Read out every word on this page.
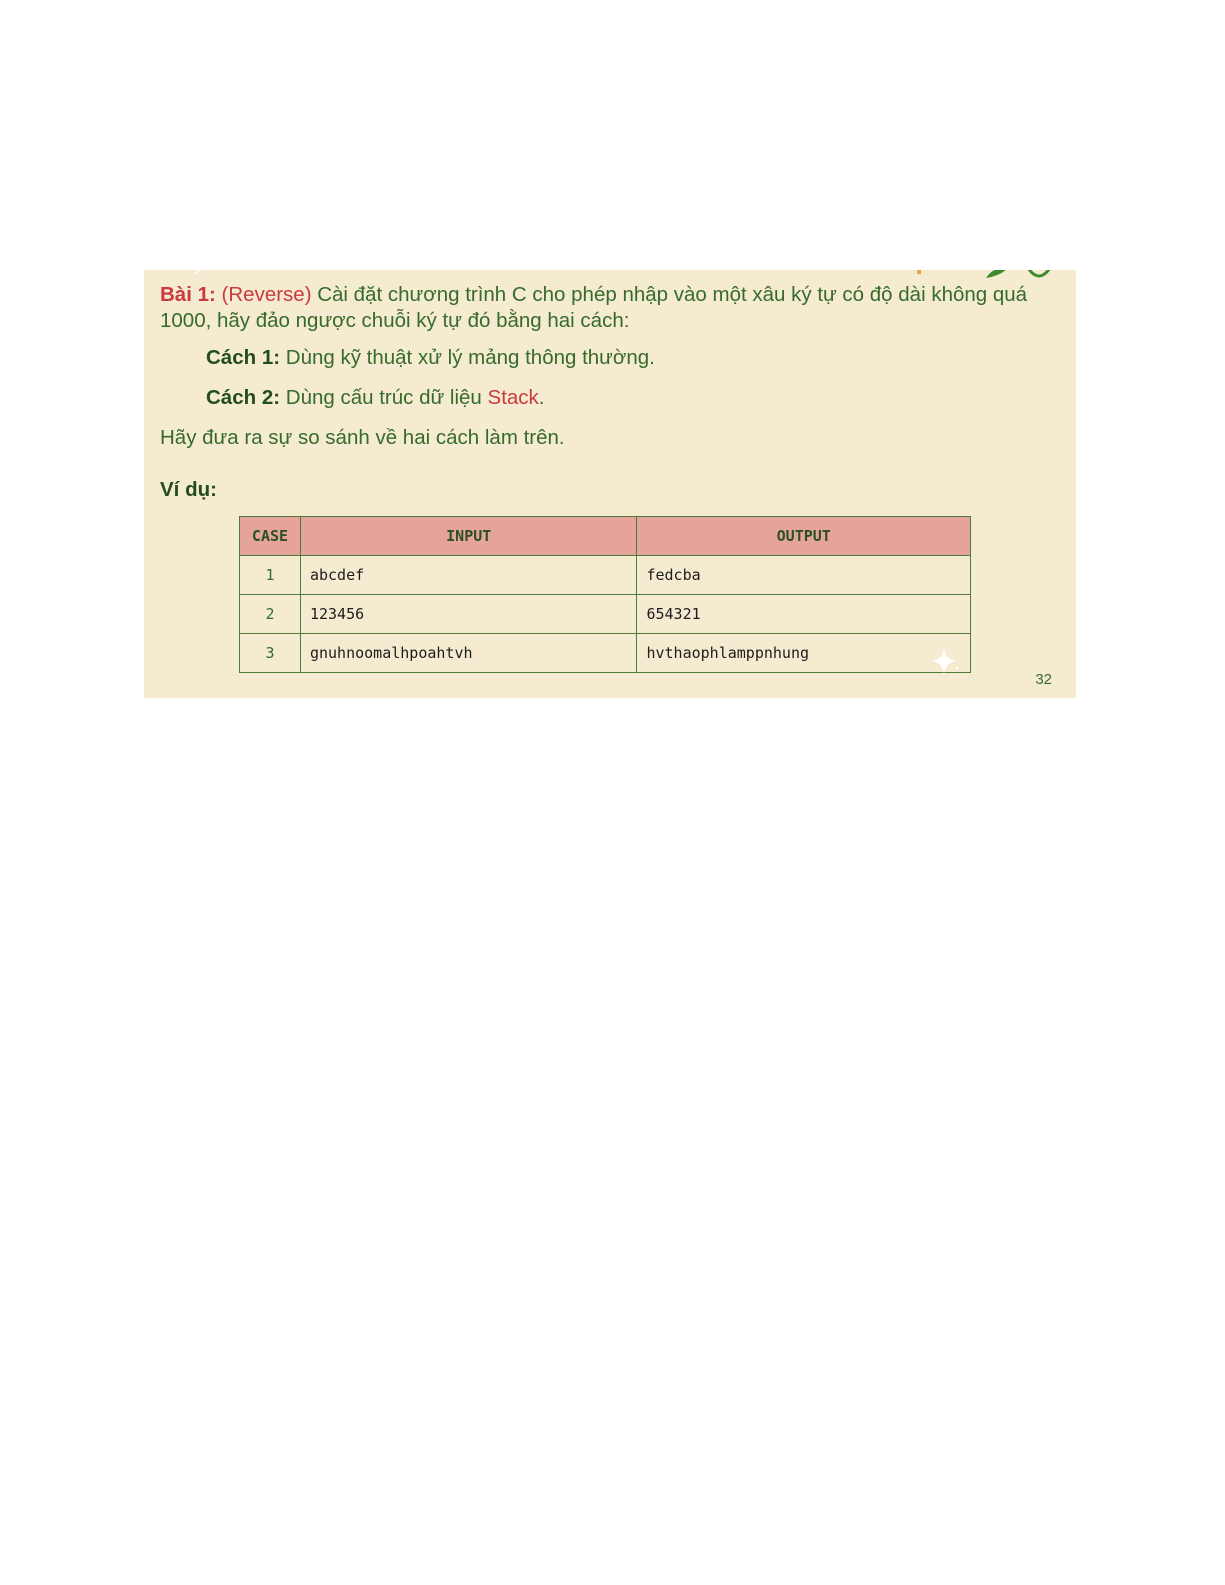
Bài 1: (Reverse) Cài đặt chương trình C cho phép nhập vào một xâu ký tự có độ dài không quá 1000, hãy đảo ngược chuỗi ký tự đó bằng hai cách:
Cách 1: Dùng kỹ thuật xử lý mảng thông thường.
Cách 2: Dùng cấu trúc dữ liệu Stack.
Hãy đưa ra sự so sánh về hai cách làm trên.
Ví dụ:
CASE	INPUT	OUTPUT
1	abcdef	fedcba
2	123456	654321
3	gnuhnoomalhpoahtvh	hvthaophlamppnhung
32
